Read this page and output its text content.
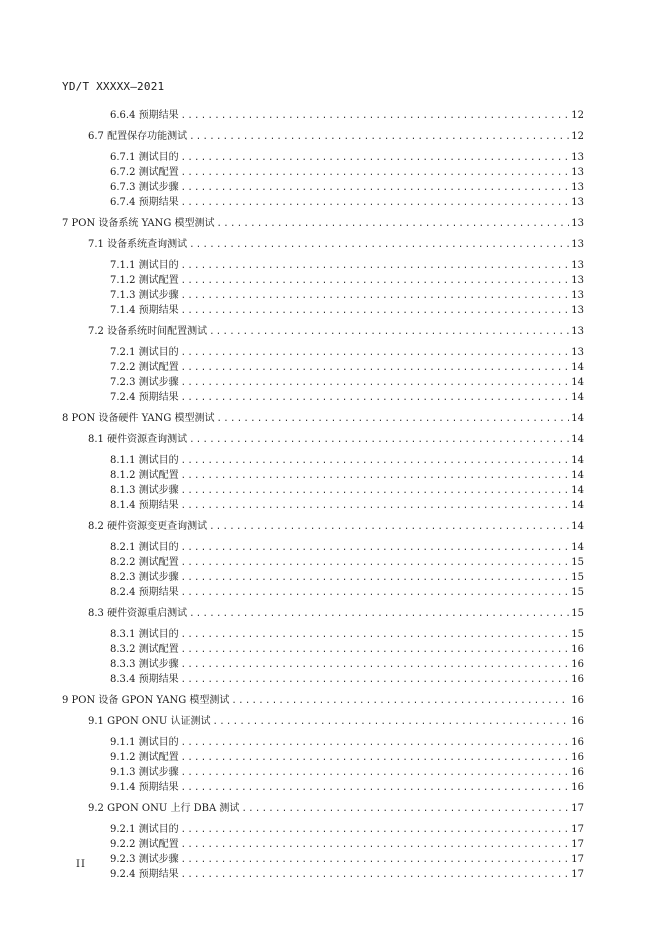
YD/T XXXXX—2021
6.6.4 预期结果 .....	12
6.7 配置保存功能测试 .....	12
6.7.1 测试目的 .....	13
6.7.2 测试配置 .....	13
6.7.3 测试步骤 .....	13
6.7.4 预期结果 .....	13
7 PON 设备系统 YANG 模型测试 .....	13
7.1 设备系统查询测试 .....	13
7.1.1 测试目的 .....	13
7.1.2 测试配置 .....	13
7.1.3 测试步骤 .....	13
7.1.4 预期结果 .....	13
7.2 设备系统时间配置测试 .....	13
7.2.1 测试目的 .....	13
7.2.2 测试配置 .....	14
7.2.3 测试步骤 .....	14
7.2.4 预期结果 .....	14
8 PON 设备硬件 YANG 模型测试 .....	14
8.1 硬件资源查询测试 .....	14
8.1.1 测试目的 .....	14
8.1.2 测试配置 .....	14
8.1.3 测试步骤 .....	14
8.1.4 预期结果 .....	14
8.2 硬件资源变更查询测试 .....	14
8.2.1 测试目的 .....	14
8.2.2 测试配置 .....	15
8.2.3 测试步骤 .....	15
8.2.4 预期结果 .....	15
8.3 硬件资源重启测试 .....	15
8.3.1 测试目的 .....	15
8.3.2 测试配置 .....	16
8.3.3 测试步骤 .....	16
8.3.4 预期结果 .....	16
9 PON 设备 GPON YANG 模型测试 .....	16
9.1 GPON ONU 认证测试 .....	16
9.1.1 测试目的 .....	16
9.1.2 测试配置 .....	16
9.1.3 测试步骤 .....	16
9.1.4 预期结果 .....	16
9.2 GPON ONU 上行 DBA 测试 .....	17
9.2.1 测试目的 .....	17
9.2.2 测试配置 .....	17
9.2.3 测试步骤 .....	17
9.2.4 预期结果 .....	17
II
